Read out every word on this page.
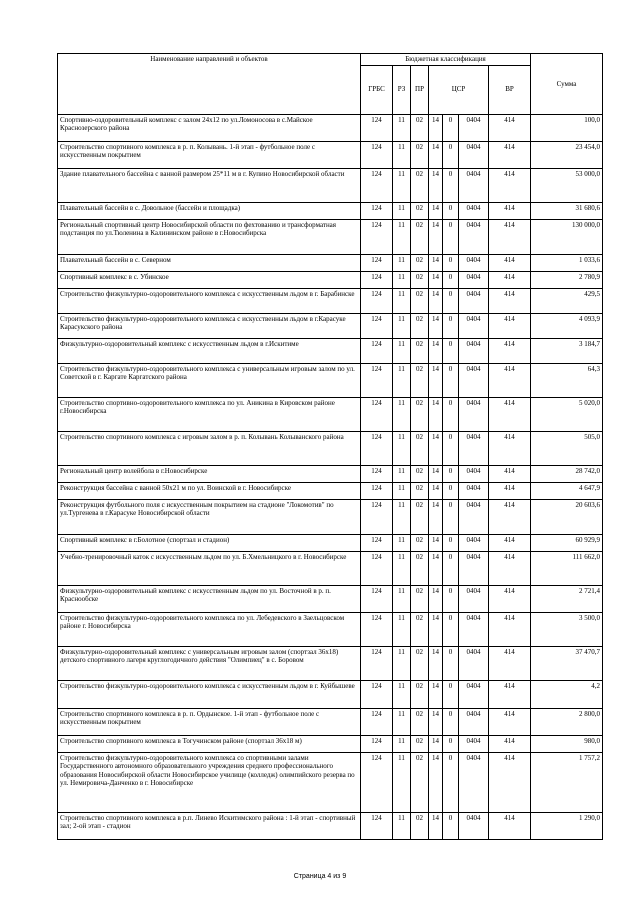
Наименование направлений и объектов	Бюджетная классификация							Сумма
	ГРБС	РЗ	ПР	ЦСР			ВР	
Спортивно-оздоровительный комплекс с залом 24х12 по ул.Ломоносова в с.Майское Краснозерского района	124	11	02	14	0	0404	414	100,0
Строительство спортивного комплекса в р. п. Колывань. 1-й этап - футбольное поле с искусственным покрытием	124	11	02	14	0	0404	414	23 454,0
Здание плавательного бассейна с ванной размером 25*11 м в г. Купино Новосибирской области	124	11	02	14	0	0404	414	53 000,0
Плавательный бассейн в с. Довольное (бассейн и площадка)	124	11	02	14	0	0404	414	31 680,6
Региональный спортивный центр Новосибирской области по фехтованию и трансформатная подстанция по ул.Тюленина в Калининском районе в г.Новосибирска	124	11	02	14	0	0404	414	130 000,0
Плавательный бассейн в с. Северном	124	11	02	14	0	0404	414	1 033,6
Спортивный комплекс в с. Убинское	124	11	02	14	0	0404	414	2 780,9
Строительство физкультурно-оздоровительного комплекса с искусственным льдом в г. Барабинске	124	11	02	14	0	0404	414	429,5
Строительство физкультурно-оздоровительного комплекса с искусственным льдом в г.Карасуке Карасукского района	124	11	02	14	0	0404	414	4 093,9
Физкультурно-оздоровительный комплекс с искусственным льдом в г.Искитиме	124	11	02	14	0	0404	414	3 184,7
Строительство физкультурно-оздоровительного комплекса с универсальным игровым залом по ул. Советской в г. Каргате Каргатского района	124	11	02	14	0	0404	414	64,3
Строительство спортивно-оздоровительного комплекса по ул. Аникина в Кировском районе г.Новосибирска	124	11	02	14	0	0404	414	5 020,0
Строительство спортивного комплекса с игровым залом в р. п. Колывань Колыванского района	124	11	02	14	0	0404	414	505,0
Региональный центр волейбола в г.Новосибирске	124	11	02	14	0	0404	414	28 742,0
Реконструкция бассейна с ванной 50х21 м по ул. Воинской в г. Новосибирске	124	11	02	14	0	0404	414	4 647,9
Реконструкция футбольного поля с искусственным покрытием на стадионе "Локомотив" по ул.Тургенева в г.Карасуке Новосибирской области	124	11	02	14	0	0404	414	20 603,6
Спортивный комплекс в г.Болотное (спортзал и стадион)	124	11	02	14	0	0404	414	60 929,9
Учебно-тренировочный каток с искусственным льдом по ул. Б.Хмельницкого в г. Новосибирске	124	11	02	14	0	0404	414	111 662,0
Физкультурно-оздоровительный комплекс с искусственным льдом по ул. Восточной в р. п. Краснообске	124	11	02	14	0	0404	414	2 721,4
Строительство физкультурно-оздоровительного комплекса по ул. Лебедевского в Заельцовском районе г. Новосибирска	124	11	02	14	0	0404	414	3 500,0
Физкультурно-оздоровительный комплекс с универсальным игровым залом (спортзал 36х18) детского спортивного лагеря круглогодичного действия "Олимпиец" в с. Боровом	124	11	02	14	0	0404	414	37 470,7
Строительство физкультурно-оздоровительного комплекса с искусственным льдом в г. Куйбышеве	124	11	02	14	0	0404	414	4,2
Строительство спортивного комплекса в р. п. Ордынское. 1-й этап - футбольное поле с искусственным покрытием	124	11	02	14	0	0404	414	2 800,0
Строительство спортивного комплекса в Тогучинском районе (спортзал 36х18 м)	124	11	02	14	0	0404	414	980,0
Строительство физкультурно-оздоровительного комплекса со спортивными залами Государственного автономного образовательного учреждения среднего профессионального образования Новосибирской области Новосибирское училище (колледж) олимпийского резерва по ул. Немировича-Данченко в г. Новосибирске	124	11	02	14	0	0404	414	1 757,2
Строительство спортивного комплекса в р.п. Линево Искитимского района : 1-й этап - спортивный зал; 2-ой этап - стадион	124	11	02	14	0	0404	414	1 290,0
Страница 4 из 9
